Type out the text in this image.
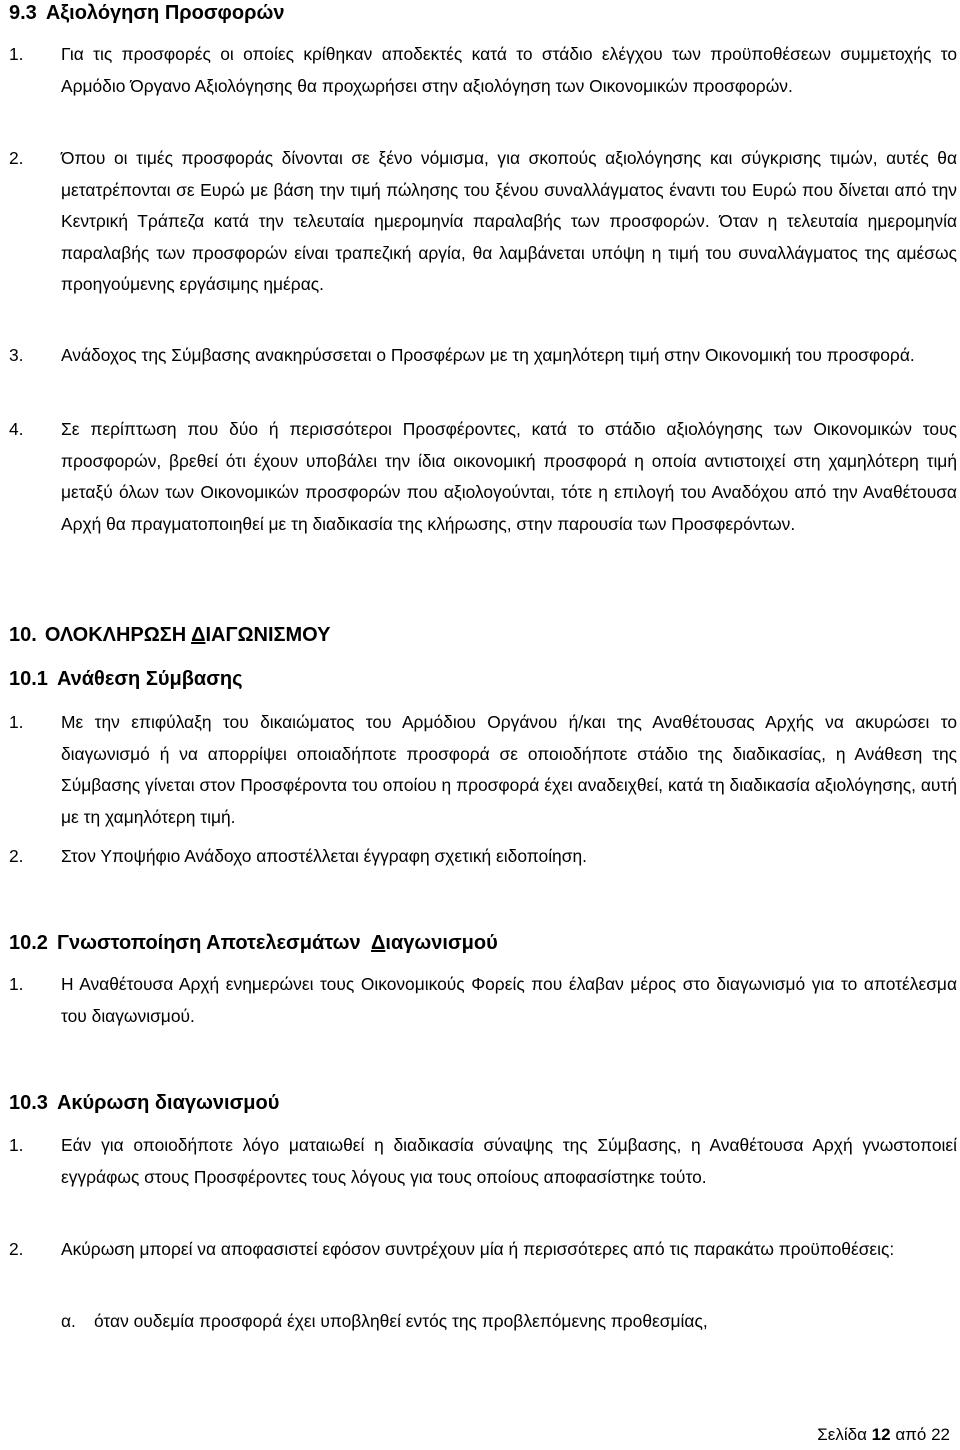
9.3 Αξιολόγηση Προσφορών
1.	Για τις προσφορές οι οποίες κρίθηκαν αποδεκτές κατά το στάδιο ελέγχου των προϋποθέσεων συμμετοχής το Αρμόδιο Όργανο Αξιολόγησης θα προχωρήσει στην αξιολόγηση των Οικονομικών προσφορών.
2.	Όπου οι τιμές προσφοράς δίνονται σε ξένο νόμισμα, για σκοπούς αξιολόγησης και σύγκρισης τιμών, αυτές θα μετατρέπονται σε Ευρώ με βάση την τιμή πώλησης του ξένου συναλλάγματος έναντι του Ευρώ που δίνεται από την Κεντρική Τράπεζα κατά την τελευταία ημερομηνία παραλαβής των προσφορών. Όταν η τελευταία ημερομηνία παραλαβής των προσφορών είναι τραπεζική αργία, θα λαμβάνεται υπόψη η τιμή του συναλλάγματος της αμέσως προηγούμενης εργάσιμης ημέρας.
3.	Ανάδοχος της Σύμβασης ανακηρύσσεται ο Προσφέρων με τη χαμηλότερη τιμή στην Οικονομική του προσφορά.
4.	Σε περίπτωση που δύο ή περισσότεροι Προσφέροντες, κατά το στάδιο αξιολόγησης των Οικονομικών τους προσφορών, βρεθεί ότι έχουν υποβάλει την ίδια οικονομική προσφορά η οποία αντιστοιχεί στη χαμηλότερη τιμή μεταξύ όλων των Οικονομικών προσφορών που αξιολογούνται, τότε η επιλογή του Αναδόχου από την Αναθέτουσα Αρχή θα πραγματοποιηθεί με τη διαδικασία της κλήρωσης, στην παρουσία των Προσφερόντων.
10. ΟΛΟΚΛΗΡΩΣΗ ΔΙΑΓΩΝΙΣΜΟΥ
10.1 Ανάθεση Σύμβασης
1.	Με την επιφύλαξη του δικαιώματος του Αρμόδιου Οργάνου ή/και της Αναθέτουσας Αρχής να ακυρώσει το διαγωνισμό ή να απορρίψει οποιαδήποτε προσφορά σε οποιοδήποτε στάδιο της διαδικασίας, η Ανάθεση της Σύμβασης γίνεται στον Προσφέροντα του οποίου η προσφορά έχει αναδειχθεί, κατά τη διαδικασία αξιολόγησης, αυτή με τη χαμηλότερη τιμή.
2.	Στον Υποψήφιο Ανάδοχο αποστέλλεται έγγραφη σχετική ειδοποίηση.
10.2 Γνωστοποίηση Αποτελεσμάτων  Διαγωνισμού
1.	Η Αναθέτουσα Αρχή ενημερώνει τους Οικονομικούς Φορείς που έλαβαν μέρος στο διαγωνισμό για το αποτέλεσμα του διαγωνισμού.
10.3 Ακύρωση διαγωνισμού
1.	Εάν για οποιοδήποτε λόγο ματαιωθεί η διαδικασία σύναψης της Σύμβασης, η Αναθέτουσα Αρχή γνωστοποιεί εγγράφως στους Προσφέροντες τους λόγους για τους οποίους αποφασίστηκε τούτο.
2.	Ακύρωση μπορεί να αποφασιστεί εφόσον συντρέχουν μία ή περισσότερες από τις παρακάτω προϋποθέσεις:
α.	όταν ουδεμία προσφορά έχει υποβληθεί εντός της προβλεπόμενης προθεσμίας,
Σελίδα 12 από 22
